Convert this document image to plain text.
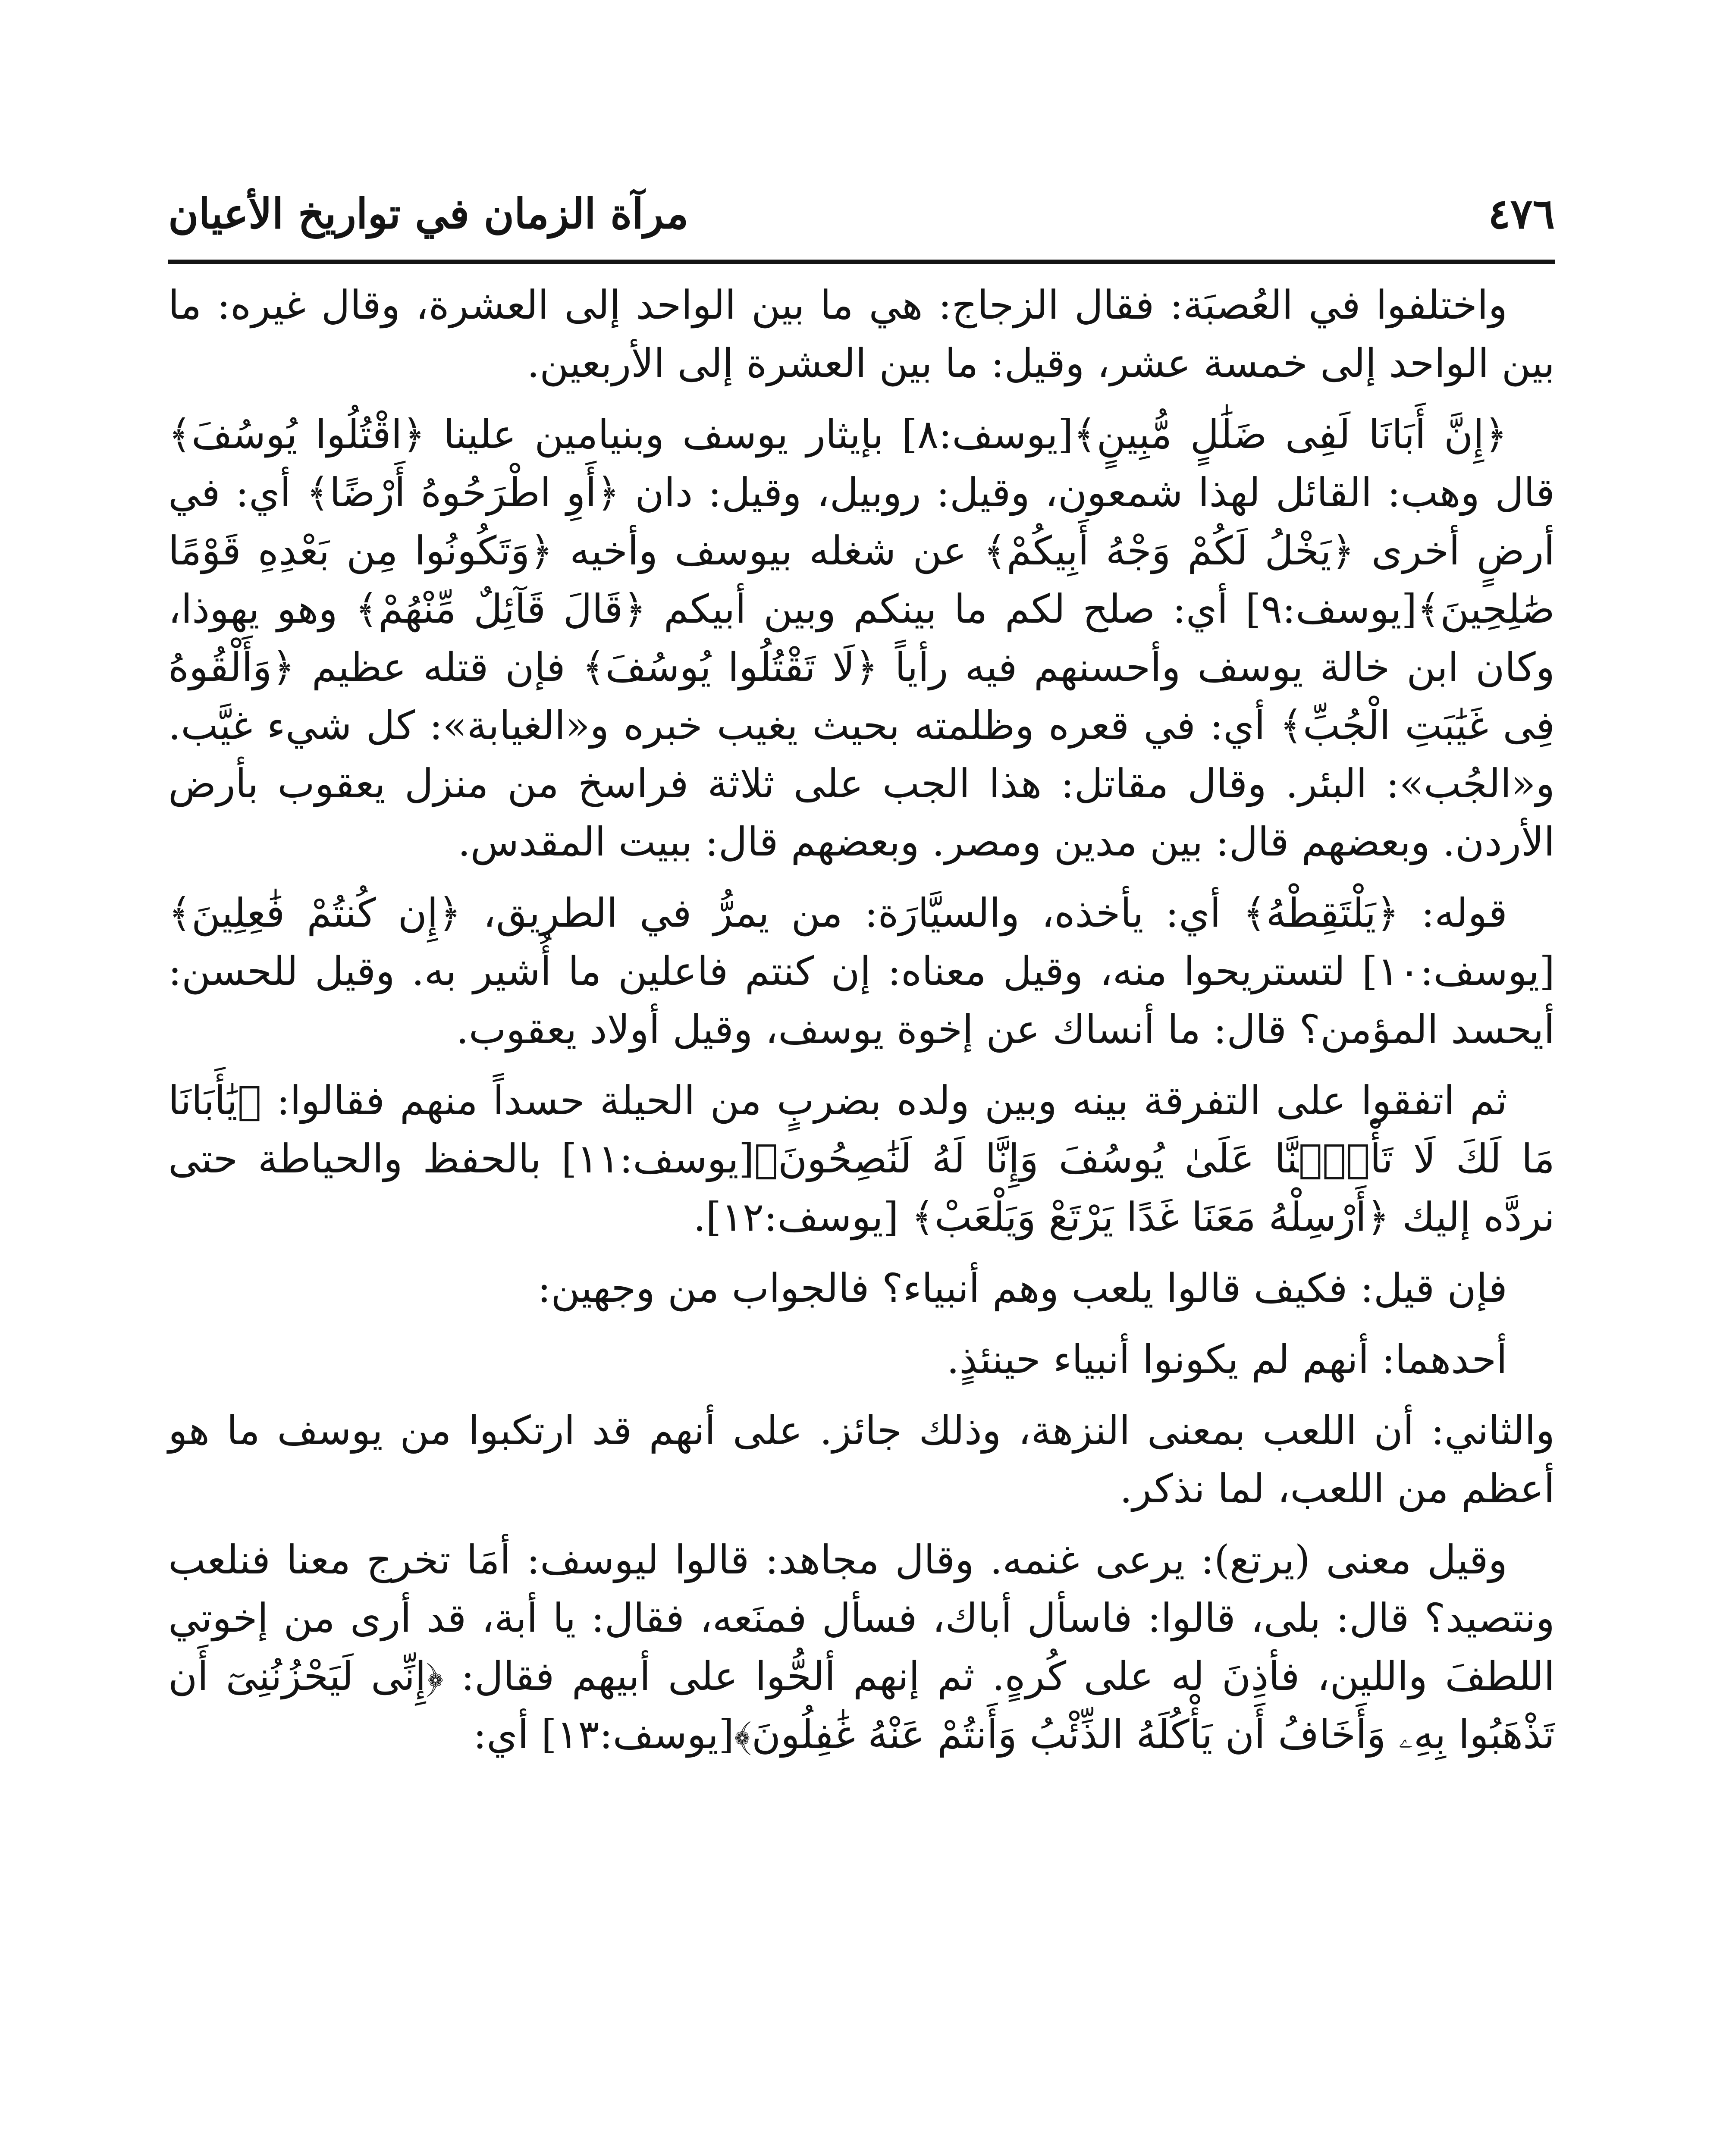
٤٧٦
مرآة الزمان في تواريخ الأعيان

واختلفوا في العُصبَة: فقال الزجاج: هي ما بين الواحد إلى العشرة، وقال غيره: ما بين الواحد إلى خمسة عشر، وقيل: ما بين العشرة إلى الأربعين.

﴿إِنَّ أَبَانَا لَفِى ضَلَٰلٍ مُّبِينٍ﴾[يوسف:٨] بإيثار يوسف وبنيامين علينا ﴿اقْتُلُوا يُوسُفَ﴾ قال وهب: القائل لهذا شمعون، وقيل: روبيل، وقيل: دان ﴿أَوِ اطْرَحُوهُ أَرْضًا﴾ أي: في أرضٍ أخرى ﴿يَخْلُ لَكُمْ وَجْهُ أَبِيكُمْ﴾ عن شغله بيوسف وأخيه ﴿وَتَكُونُوا مِن بَعْدِهِ قَوْمًا صَٰلِحِينَ﴾[يوسف:٩] أي: صلح لكم ما بينكم وبين أبيكم ﴿قَالَ قَآئِلٌ مِّنْهُمْ﴾ وهو يهوذا، وكان ابن خالة يوسف وأحسنهم فيه رأياً ﴿لَا تَقْتُلُوا يُوسُفَ﴾ فإن قتله عظيم ﴿وَأَلْقُوهُ فِى غَيَٰبَتِ الْجُبِّ﴾ أي: في قعره وظلمته بحيث يغيب خبره و«الغيابة»: كل شيء غيَّب. و«الجُب»: البئر. وقال مقاتل: هذا الجب على ثلاثة فراسخ من منزل يعقوب بأرض الأردن. وبعضهم قال: بين مدين ومصر. وبعضهم قال: ببيت المقدس.

قوله: ﴿يَلْتَقِطْهُ﴾ أي: يأخذه، والسيَّارَة: من يمرُّ في الطريق، ﴿إِن كُنتُمْ فَٰعِلِينَ﴾[يوسف:١٠] لتستريحوا منه، وقيل معناه: إن كنتم فاعلين ما أُشير به. وقيل للحسن: أيحسد المؤمن؟ قال: ما أنساك عن إخوة يوسف، وقيل أولاد يعقوب.

ثم اتفقوا على التفرقة بينه وبين ولده بضربٍ من الحيلة حسداً منهم فقالوا: ﴿يَٰأَبَانَا مَا لَكَ لَا تَأْمَ۫نَّا عَلَىٰ يُوسُفَ وَإِنَّا لَهُ لَنَٰصِحُونَ﴾[يوسف:١١] بالحفظ والحياطة حتى نردَّه إليك ﴿أَرْسِلْهُ مَعَنَا غَدًا يَرْتَعْ وَيَلْعَبْ﴾ [يوسف:١٢].

فإن قيل: فكيف قالوا يلعب وهم أنبياء؟ فالجواب من وجهين:

أحدهما: أنهم لم يكونوا أنبياء حينئذٍ.

والثاني: أن اللعب بمعنى النزهة، وذلك جائز. على أنهم قد ارتكبوا من يوسف ما هو أعظم من اللعب، لما نذكر.

وقيل معنى (يرتع): يرعى غنمه. وقال مجاهد: قالوا ليوسف: أمَا تخرج معنا فنلعب ونتصيد؟ قال: بلى، قالوا: فاسأل أباك، فسأل فمنَعه، فقال: يا أبة، قد أرى من إخوتي اللطفَ واللين، فأذِنَ له على كُرهٍ. ثم إنهم ألحُّوا على أبيهم فقال: ﴿إِنِّى لَيَحْزُنُنِىٓ أَن تَذْهَبُوا بِهِۦ وَأَخَافُ أَن يَأْكُلَهُ الذِّئْبُ وَأَنتُمْ عَنْهُ غَٰفِلُونَ﴾[يوسف:١٣] أي:
